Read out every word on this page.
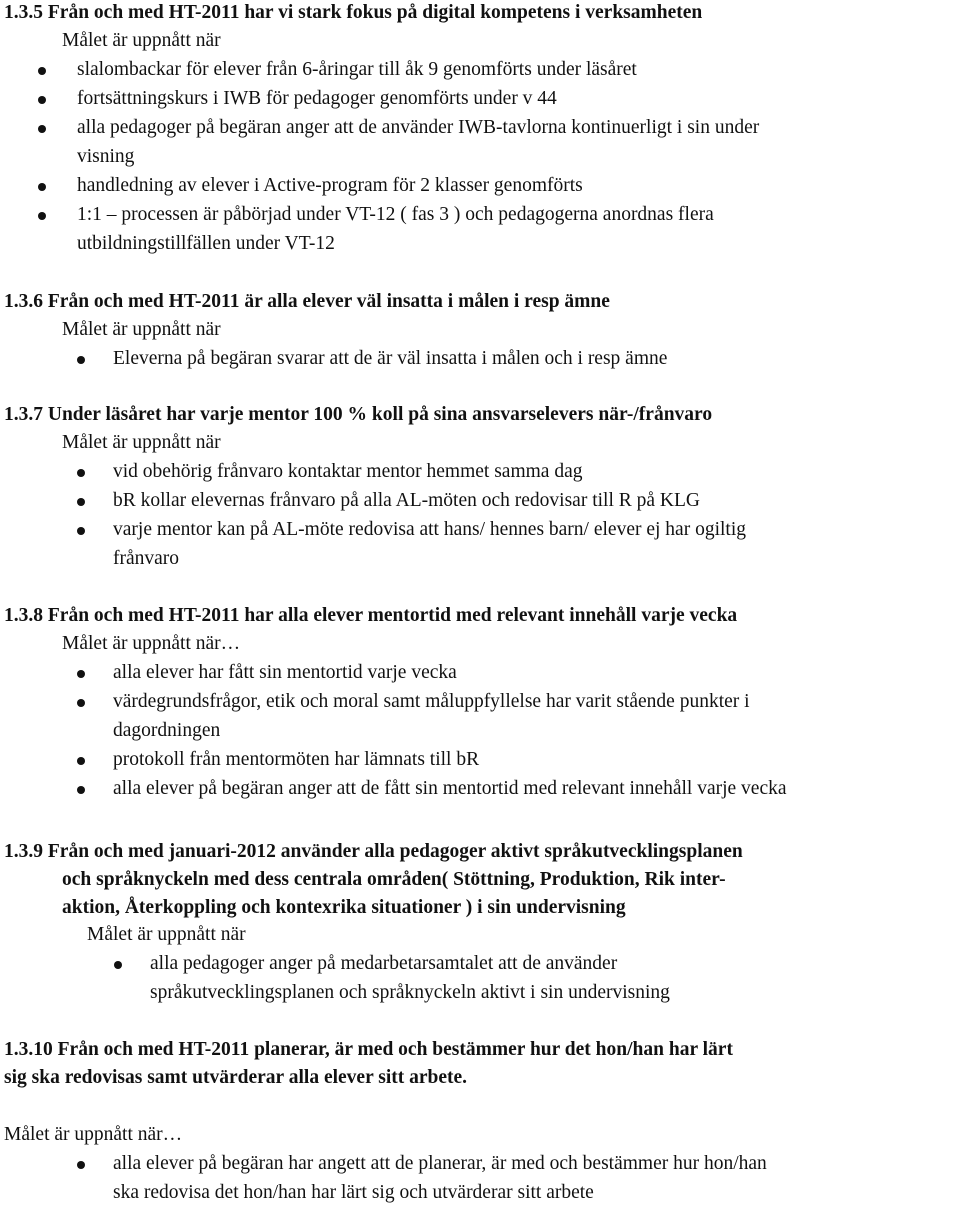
1.3.5 Från och med HT-2011 har vi stark fokus på digital kompetens i verksamheten
Målet är uppnått när
slalombackar för elever från 6-åringar till åk 9 genomförts under läsåret
fortsättningskurs i IWB för pedagoger genomförts under v 44
alla pedagoger på begäran anger att de använder IWB-tavlorna kontinuerligt i sin under
visning
handledning av elever i Active-program för 2 klasser genomförts
1:1 – processen är påbörjad under VT-12 ( fas 3 ) och pedagogerna anordnas flera
utbildningstillfällen under VT-12
1.3.6 Från och med HT-2011 är alla elever väl insatta i målen i resp ämne
Målet är uppnått när
Eleverna på begäran svarar att de är väl insatta i målen och i resp ämne
1.3.7 Under läsåret har varje mentor 100 % koll på sina ansvarselevers när-/frånvaro
Målet är uppnått när
vid obehörig frånvaro kontaktar mentor hemmet samma dag
bR kollar elevernas frånvaro på alla AL-möten och redovisar till R på KLG
varje mentor kan på AL-möte redovisa att hans/ hennes barn/ elever ej har ogiltig
frånvaro
1.3.8 Från och med HT-2011 har alla elever mentortid med relevant innehåll varje vecka
Målet är uppnått när…
alla elever har fått sin mentortid varje vecka
värdegrundsfrågor, etik och moral samt måluppfyllelse har varit stående punkter i
dagordningen
protokoll från mentormöten har lämnats till bR
alla elever på begäran anger att de fått sin mentortid med relevant innehåll varje vecka
1.3.9 Från och med januari-2012 använder alla pedagoger aktivt språkutvecklingsplanen
och språknyckeln med dess centrala områden( Stöttning, Produktion, Rik inter-
aktion, Återkoppling och kontexrika situationer ) i sin undervisning
Målet är uppnått när
alla pedagoger anger på medarbetarsamtalet att de använder
språkutvecklingsplanen och språknyckeln aktivt i sin undervisning
1.3.10 Från och med HT-2011 planerar, är med och bestämmer hur det hon/han har lärt
sig ska redovisas samt utvärderar alla elever sitt arbete.
Målet är uppnått när…
alla elever på begäran har angett att de planerar, är med och bestämmer hur hon/han
ska redovisa det hon/han har lärt sig och utvärderar sitt arbete
